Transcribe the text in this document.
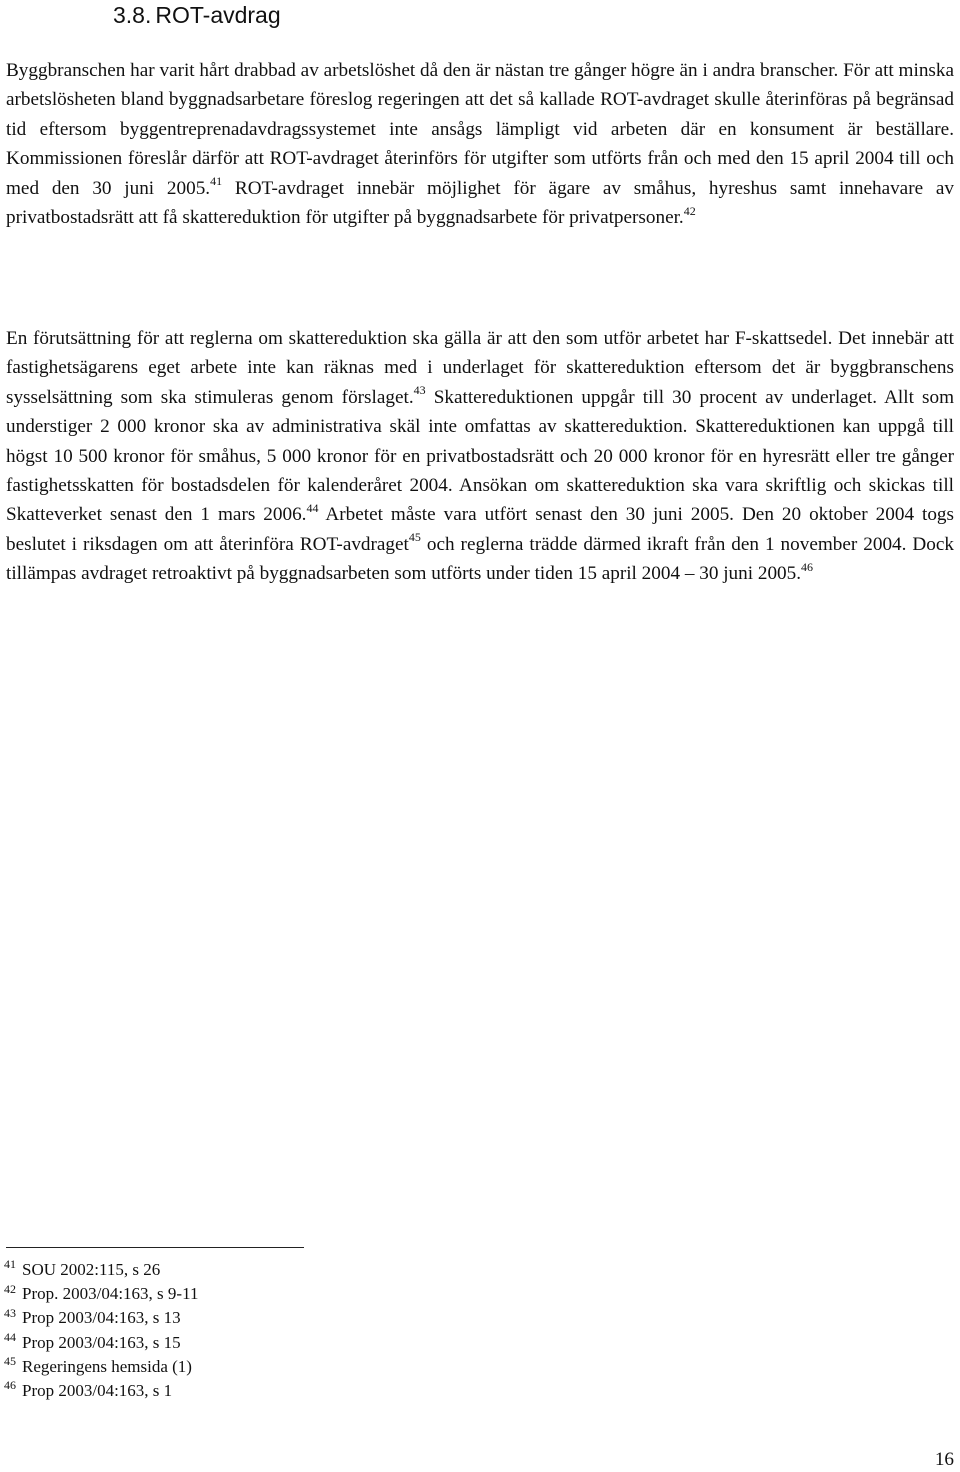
3.8. ROT-avdrag

Byggbranschen har varit hårt drabbad av arbetslöshet då den är nästan tre gånger högre än i andra branscher. För att minska arbetslösheten bland byggnadsarbetare föreslog regeringen att det så kallade ROT-avdraget skulle återinföras på begränsad tid eftersom byggentreprenadavdragssystemet inte ansågs lämpligt vid arbeten där en konsument är beställare. Kommissionen föreslår därför att ROT-avdraget återinförs för utgifter som utförts från och med den 15 april 2004 till och med den 30 juni 2005.41 ROT-avdraget innebär möjlighet för ägare av småhus, hyreshus samt innehavare av privatbostadsrätt att få skattereduktion för utgifter på byggnadsarbete för privatpersoner.$^{42}$

En förutsättning för att reglerna om skattereduktion ska gälla är att den som utför arbetet har F-skattsedel. Det innebär att fastighetsägarens eget arbete inte kan räknas med i underlaget för skattereduktion eftersom det är byggbranschens sysselsättning som ska stimuleras genom förslaget.$^{43}$ Skattereduktionen uppgår till 30 procent av underlaget. Allt som understiger 2 000 kronor ska av administrativa skäl inte omfattas av skattereduktion. Skattereduktionen kan uppgå till högst 10 500 kronor för småhus, 5 000 kronor för en privatbostadsrätt och 20 000 kronor för en hyresrätt eller tre gånger fastighetsskatten för bostadsdelen för kalenderåret 2004. Ansökan om skattereduktion ska vara skriftlig och skickas till Skatteverket senast den 1 mars 2006.44 Arbetet måste vara utfört senast den 30 juni 2005. Den 20 oktober 2004 togs beslutet i riksdagen om att återinföra ROT-avdraget$^{45}$ och reglerna trädde därmed ikraft från den 1 november 2004. Dock tillämpas avdraget retroaktivt på byggnadsarbeten som utförts under tiden 15 april 2004 – 30 juni 2005.46

41 SOU 2002:115, s 26
42 Prop. 2003/04:163, s 9-11
43 Prop 2003/04:163, s 13
44 Prop 2003/04:163, s 15
45 Regeringens hemsida (1)
46 Prop 2003/04:163, s 1
16
